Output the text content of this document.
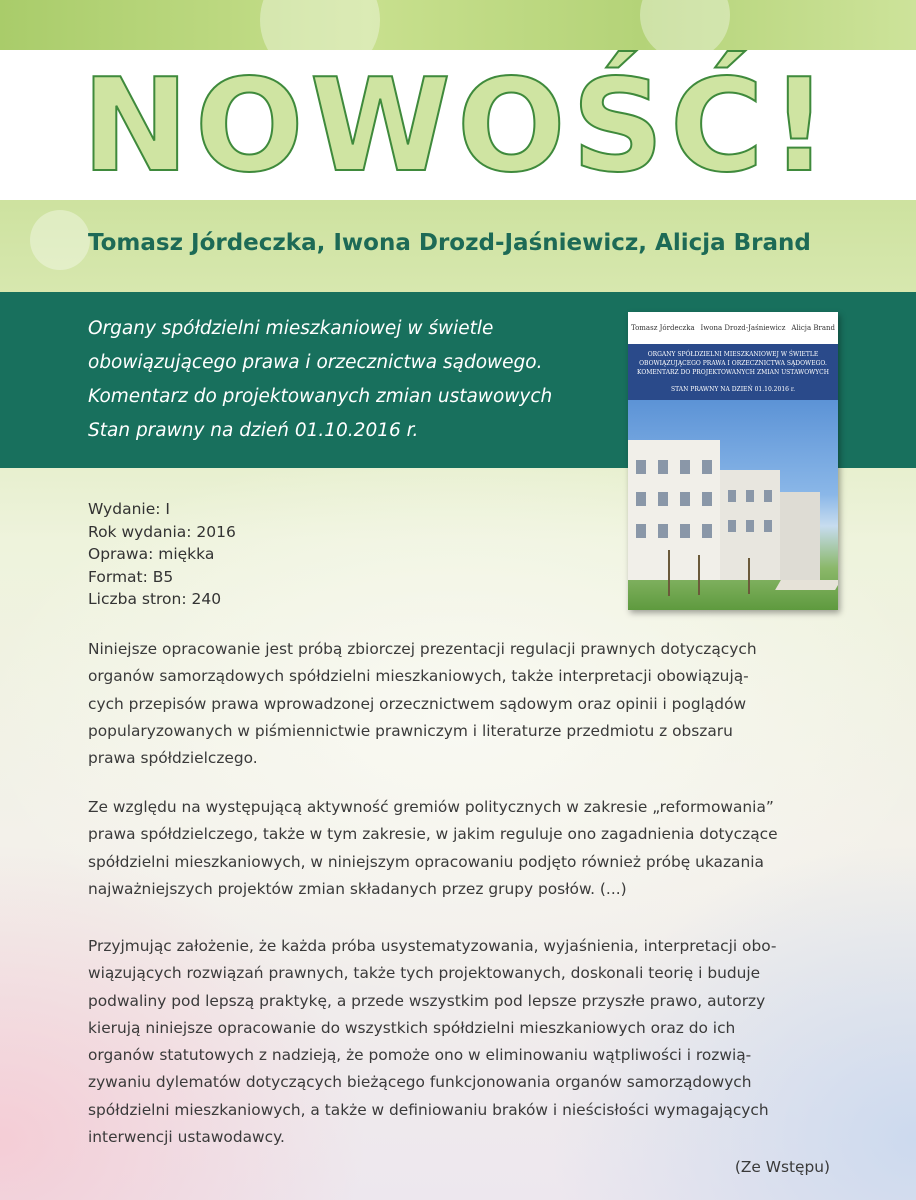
NOWOŚĆ!
Tomasz Jórdeczka, Iwona Drozd-Jaśniewicz, Alicja Brand
Organy spółdzielni mieszkaniowej w świetle
obowiązującego prawa i orzecznictwa sądowego.
Komentarz do projektowanych zmian ustawowych
Stan prawny na dzień 01.10.2016 r.
Tomasz Jórdeczka Iwona Drozd-Jaśniewicz Alicja Brand
ORGANY SPÓŁDZIELNI MIESZKANIOWEJ W ŚWIETLE
OBOWIĄZUJĄCEGO PRAWA I ORZECZNICTWA SĄDOWEGO.
KOMENTARZ DO PROJEKTOWANYCH ZMIAN USTAWOWYCH
STAN PRAWNY NA DZIEŃ 01.10.2016 r.
Wydanie: I
Rok wydania: 2016
Oprawa: miękka
Format: B5
Liczba stron: 240
Niniejsze opracowanie jest próbą zbiorczej prezentacji regulacji prawnych dotyczących
organów samorządowych spółdzielni mieszkaniowych, także interpretacji obowiązują-
cych przepisów prawa wprowadzonej orzecznictwem sądowym oraz opinii i poglądów
popularyzowanych w piśmiennictwie prawniczym i literaturze przedmiotu z obszaru
prawa spółdzielczego.
Ze względu na występującą aktywność gremiów politycznych w zakresie „reformowania”
prawa spółdzielczego, także w tym zakresie, w jakim reguluje ono zagadnienia dotyczące
spółdzielni mieszkaniowych, w niniejszym opracowaniu podjęto również próbę ukazania
najważniejszych projektów zmian składanych przez grupy posłów. (...)
Przyjmując założenie, że każda próba usystematyzowania, wyjaśnienia, interpretacji obo-
wiązujących rozwiązań prawnych, także tych projektowanych, doskonali teorię i buduje
podwaliny pod lepszą praktykę, a przede wszystkim pod lepsze przyszłe prawo, autorzy
kierują niniejsze opracowanie do wszystkich spółdzielni mieszkaniowych oraz do ich
organów statutowych z nadzieją, że pomoże ono w eliminowaniu wątpliwości i rozwią-
zywaniu dylematów dotyczących bieżącego funkcjonowania organów samorządowych
spółdzielni mieszkaniowych, a także w definiowaniu braków i nieścisłości wymagających
interwencji ustawodawcy.
(Ze Wstępu)
